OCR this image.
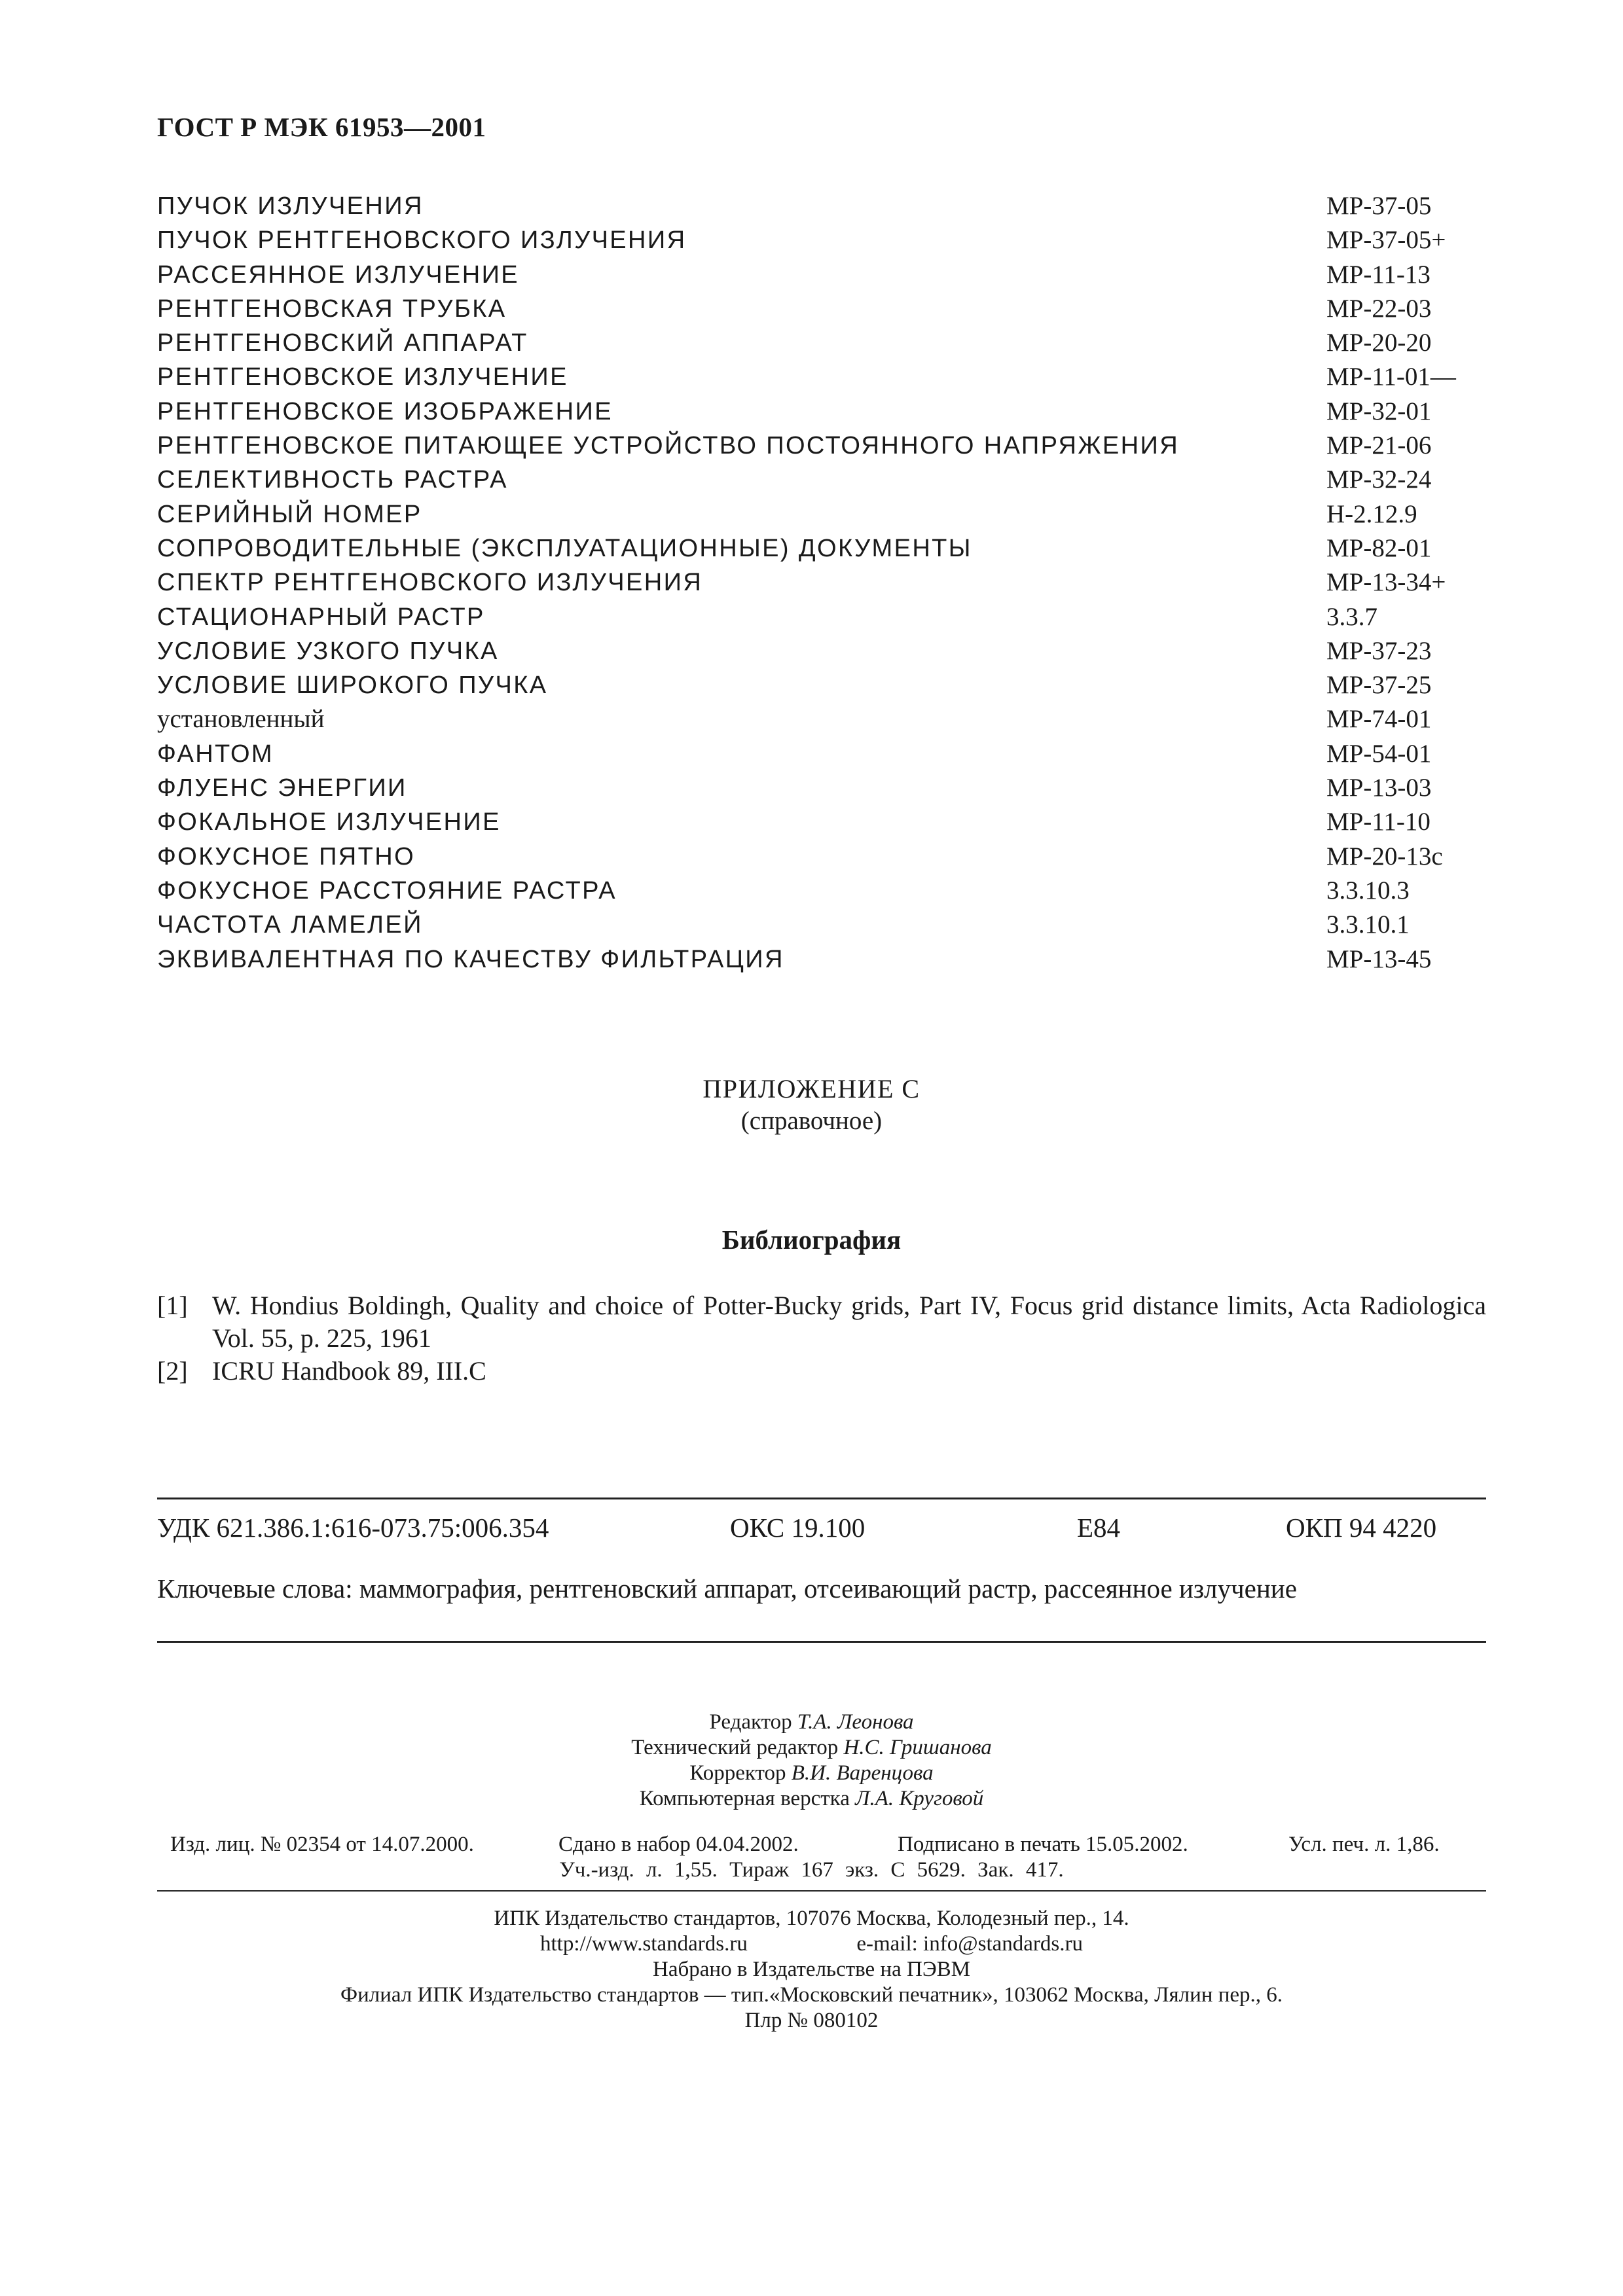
ГОСТ Р МЭК 61953—2001
ПУЧОК ИЗЛУЧЕНИЯ	МР-37-05
ПУЧОК РЕНТГЕНОВСКОГО ИЗЛУЧЕНИЯ	МР-37-05+
РАССЕЯННОЕ ИЗЛУЧЕНИЕ	МР-11-13
РЕНТГЕНОВСКАЯ ТРУБКА	МР-22-03
РЕНТГЕНОВСКИЙ АППАРАТ	МР-20-20
РЕНТГЕНОВСКОЕ ИЗЛУЧЕНИЕ	МР-11-01—
РЕНТГЕНОВСКОЕ ИЗОБРАЖЕНИЕ	МР-32-01
РЕНТГЕНОВСКОЕ ПИТАЮЩЕЕ УСТРОЙСТВО ПОСТОЯННОГО НАПРЯЖЕНИЯ	МР-21-06
СЕЛЕКТИВНОСТЬ РАСТРА	МР-32-24
СЕРИЙНЫЙ НОМЕР	Н-2.12.9
СОПРОВОДИТЕЛЬНЫЕ (ЭКСПЛУАТАЦИОННЫЕ) ДОКУМЕНТЫ	МР-82-01
СПЕКТР РЕНТГЕНОВСКОГО ИЗЛУЧЕНИЯ	МР-13-34+
СТАЦИОНАРНЫЙ РАСТР	3.3.7
УСЛОВИЕ УЗКОГО ПУЧКА	МР-37-23
УСЛОВИЕ ШИРОКОГО ПУЧКА	МР-37-25
установленный	МР-74-01
ФАНТОМ	МР-54-01
ФЛУЕНС ЭНЕРГИИ	МР-13-03
ФОКАЛЬНОЕ ИЗЛУЧЕНИЕ	МР-11-10
ФОКУСНОЕ ПЯТНО	МР-20-13с
ФОКУСНОЕ РАССТОЯНИЕ РАСТРА	3.3.10.3
ЧАСТОТА ЛАМЕЛЕЙ	3.3.10.1
ЭКВИВАЛЕНТНАЯ ПО КАЧЕСТВУ ФИЛЬТРАЦИЯ	МР-13-45
ПРИЛОЖЕНИЕ С
(справочное)
Библиография
[1] W. Hondius Boldingh, Quality and choice of Potter-Bucky grids, Part IV, Focus grid distance limits, Acta Radiologica Vol. 55, p. 225, 1961
[2] ICRU Handbook 89, III.C
УДК 621.386.1:616-073.75:006.354	ОКС 19.100	Е84	ОКП 94 4220
Ключевые слова: маммография, рентгеновский аппарат, отсеивающий растр, рассеянное излучение
Редактор Т.А. Леонова
Технический редактор Н.С. Гришанова
Корректор В.И. Варенцова
Компьютерная верстка Л.А. Круговой
Изд. лиц. № 02354 от 14.07.2000.	Сдано в набор 04.04.2002.	Подписано в печать 15.05.2002.	Усл. печ. л. 1,86.
Уч.-изд. л. 1,55. Тираж 167 экз. С 5629. Зак. 417.
ИПК Издательство стандартов, 107076 Москва, Колодезный пер., 14.
http://www.standards.ru	e-mail: info@standards.ru
Набрано в Издательстве на ПЭВМ
Филиал ИПК Издательство стандартов — тип.«Московский печатник», 103062 Москва, Лялин пер., 6.
Плр № 080102
